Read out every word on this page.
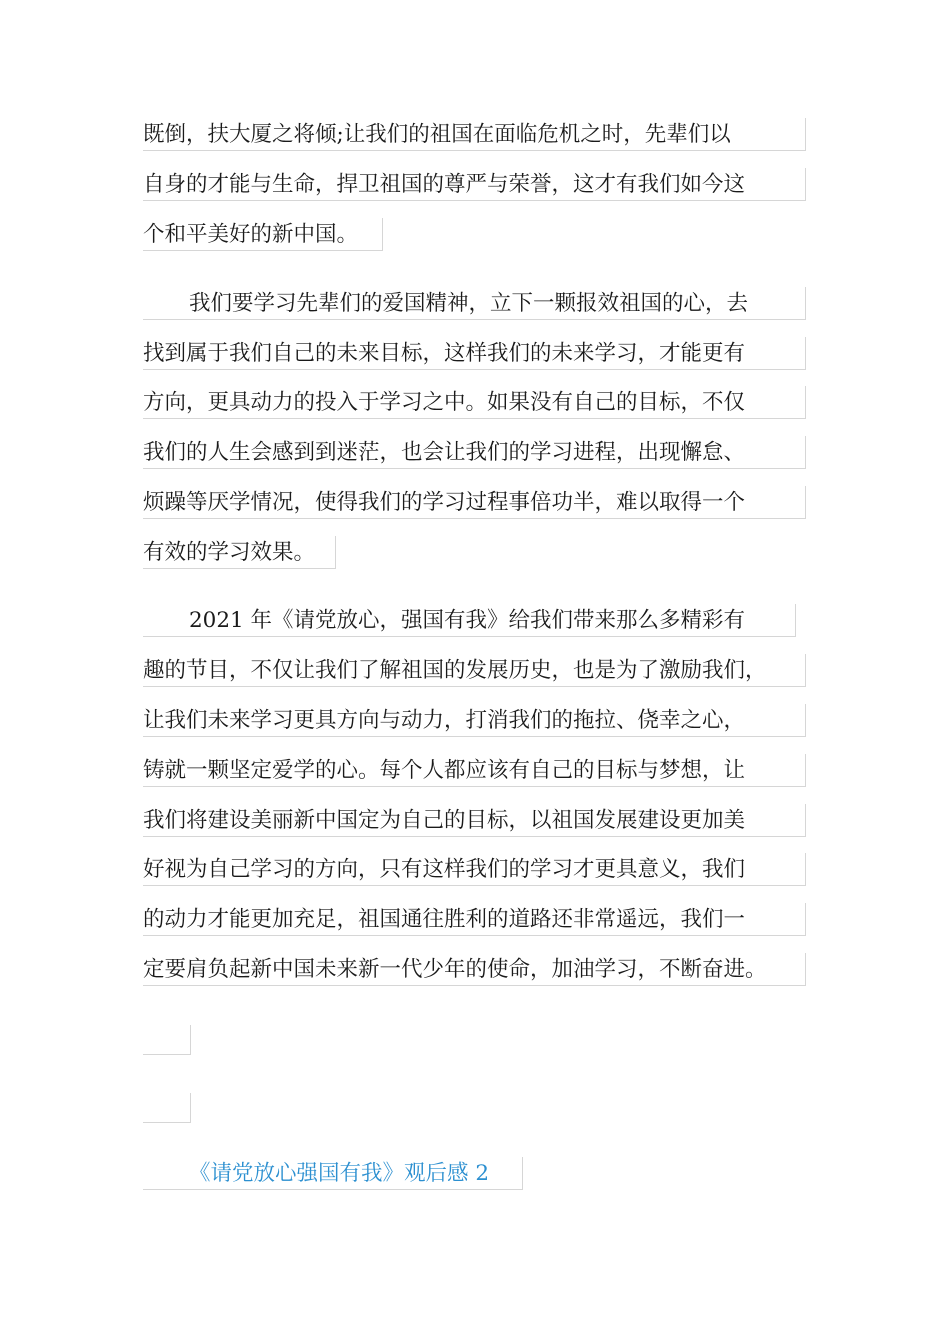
既倒，扶大厦之将倾;让我们的祖国在面临危机之时，先辈们以
自身的才能与生命，捍卫祖国的尊严与荣誉，这才有我们如今这
个和平美好的新中国。
我们要学习先辈们的爱国精神，立下一颗报效祖国的心，去
找到属于我们自己的未来目标，这样我们的未来学习，才能更有
方向，更具动力的投入于学习之中。如果没有自己的目标，不仅
我们的人生会感到到迷茫，也会让我们的学习进程，出现懈怠、
烦躁等厌学情况，使得我们的学习过程事倍功半，难以取得一个
有效的学习效果。
2021 年《请党放心，强国有我》给我们带来那么多精彩有
趣的节目，不仅让我们了解祖国的发展历史，也是为了激励我们，
让我们未来学习更具方向与动力，打消我们的拖拉、侥幸之心，
铸就一颗坚定爱学的心。每个人都应该有自己的目标与梦想，让
我们将建设美丽新中国定为自己的目标，以祖国发展建设更加美
好视为自己学习的方向，只有这样我们的学习才更具意义，我们
的动力才能更加充足，祖国通往胜利的道路还非常遥远，我们一
定要肩负起新中国未来新一代少年的使命，加油学习，不断奋进。
《请党放心强国有我》观后感 2
